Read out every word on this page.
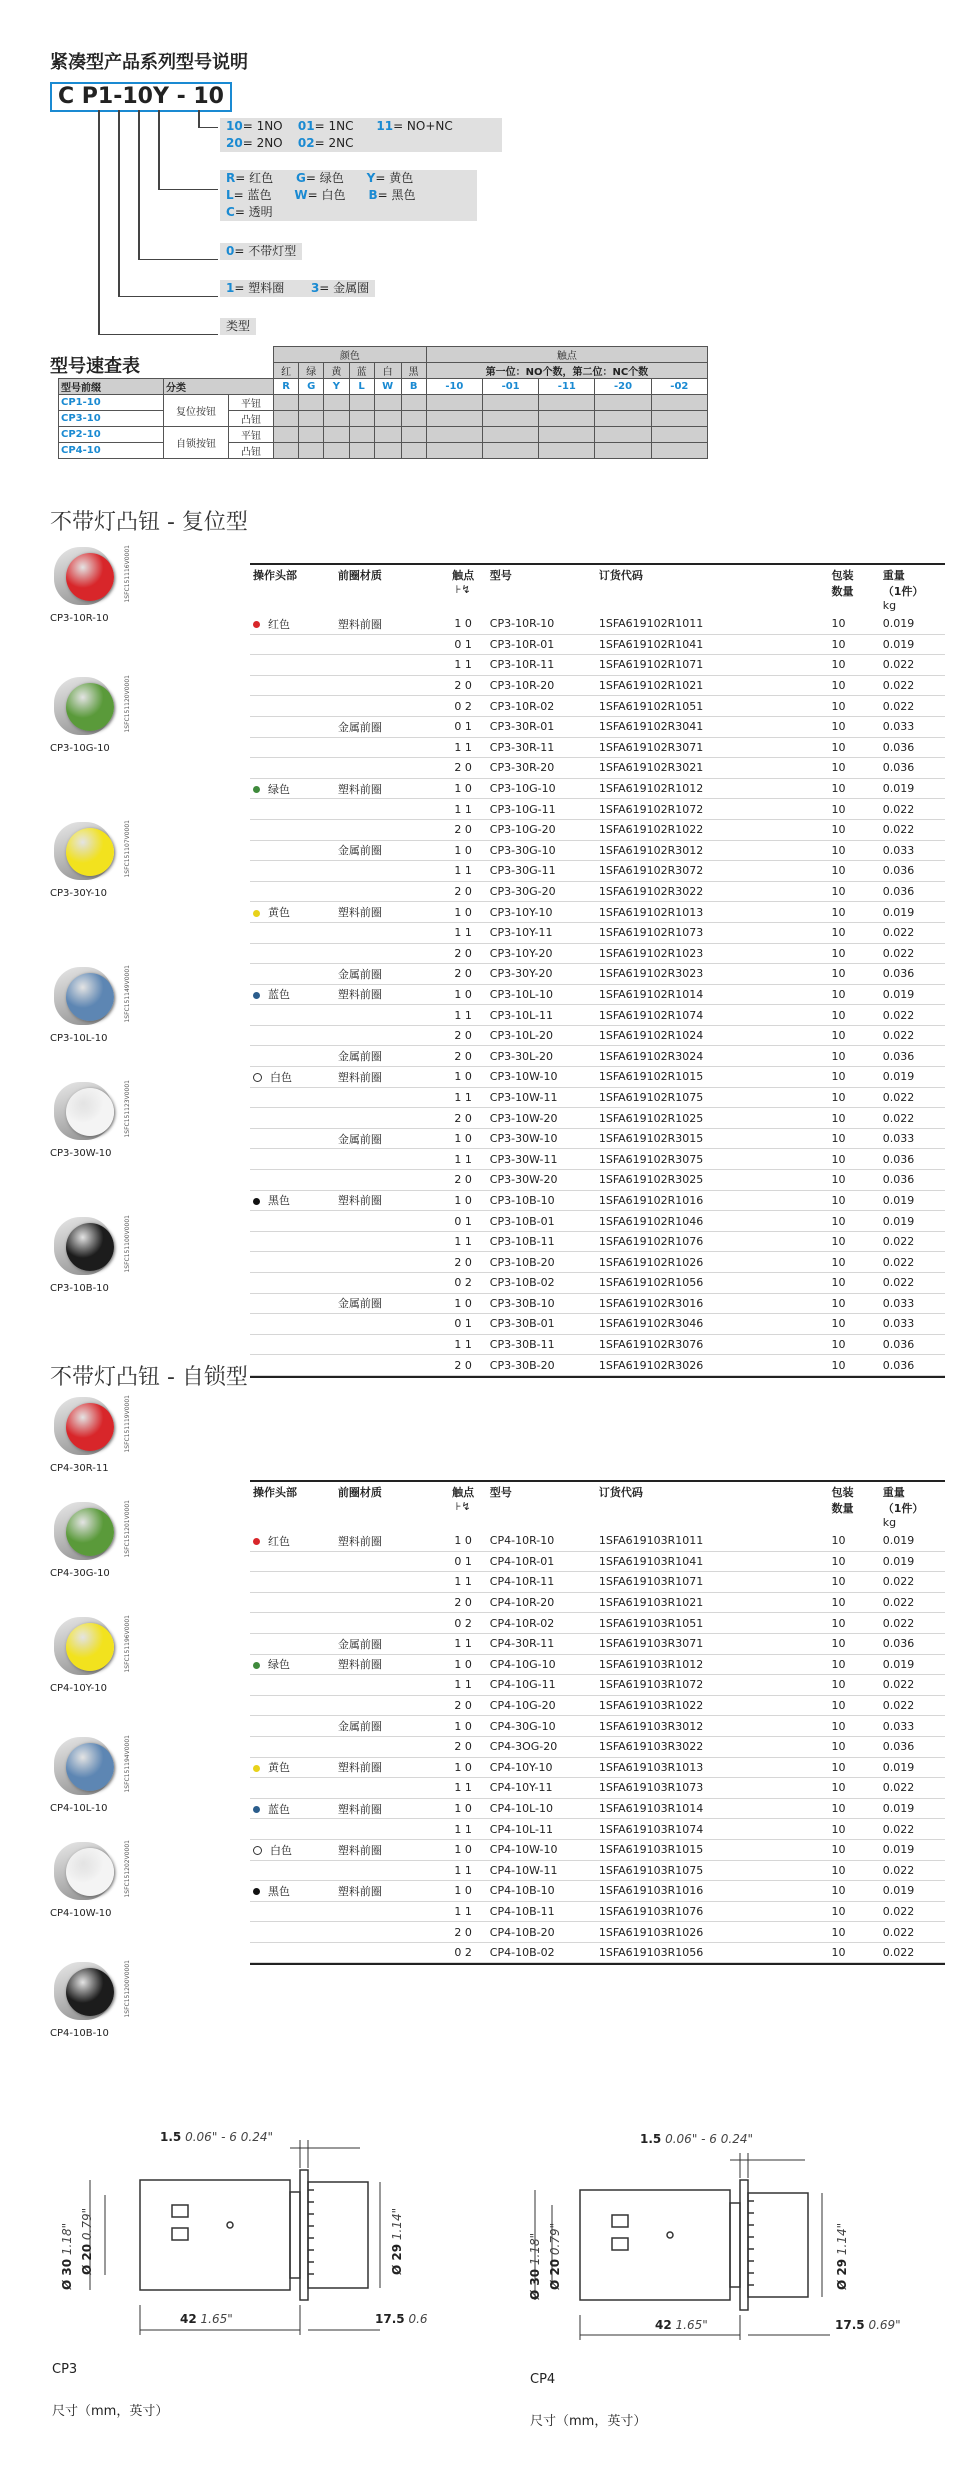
紧凑型产品系列型号说明
C P1-10Y - 10
10= 1NO 01= 1NC 11= NO+NC
20= 2NO 02= 2NC
R= 红色 G= 绿色 Y= 黄色
L= 蓝色 W= 白色 B= 黑色
C= 透明
0= 不带灯型
1= 塑料圈 3= 金属圈
类型
型号速查表
			颜色						触点				
			红	绿	黄	蓝	白	黑	第一位：NO个数，第二位：NC个数				
型号前缀	分类		R	G	Y	L	W	B	-10	-01	-11	-20	-02
CP1-10	复位按钮	平钮											
CP3-10		凸钮											
CP2-10	自锁按钮	平钮											
CP4-10		凸钮											
不带灯凸钮 - 复位型
1SFC151116V0001
CP3-10R-10
1SFC151120V0001
CP3-10G-10
1SFC151107V0001
CP3-30Y-10
1SFC151149V0001
CP3-10L-10
1SFC151123V0001
CP3-30W-10
1SFC151100V0001
CP3-10B-10
操作头部	前圈材质	触点
⊦↯	型号	订货代码	包装
数量	重量
（1件）
kg
红色	塑料前圈	1 0	CP3-10R-10	1SFA619102R1011	10	0.019
		0 1	CP3-10R-01	1SFA619102R1041	10	0.019
		1 1	CP3-10R-11	1SFA619102R1071	10	0.022
		2 0	CP3-10R-20	1SFA619102R1021	10	0.022
		0 2	CP3-10R-02	1SFA619102R1051	10	0.022
	金属前圈	0 1	CP3-30R-01	1SFA619102R3041	10	0.033
		1 1	CP3-30R-11	1SFA619102R3071	10	0.036
		2 0	CP3-30R-20	1SFA619102R3021	10	0.036
绿色	塑料前圈	1 0	CP3-10G-10	1SFA619102R1012	10	0.019
		1 1	CP3-10G-11	1SFA619102R1072	10	0.022
		2 0	CP3-10G-20	1SFA619102R1022	10	0.022
	金属前圈	1 0	CP3-30G-10	1SFA619102R3012	10	0.033
		1 1	CP3-30G-11	1SFA619102R3072	10	0.036
		2 0	CP3-30G-20	1SFA619102R3022	10	0.036
黄色	塑料前圈	1 0	CP3-10Y-10	1SFA619102R1013	10	0.019
		1 1	CP3-10Y-11	1SFA619102R1073	10	0.022
		2 0	CP3-10Y-20	1SFA619102R1023	10	0.022
	金属前圈	2 0	CP3-30Y-20	1SFA619102R3023	10	0.036
蓝色	塑料前圈	1 0	CP3-10L-10	1SFA619102R1014	10	0.019
		1 1	CP3-10L-11	1SFA619102R1074	10	0.022
		2 0	CP3-10L-20	1SFA619102R1024	10	0.022
	金属前圈	2 0	CP3-30L-20	1SFA619102R3024	10	0.036
白色	塑料前圈	1 0	CP3-10W-10	1SFA619102R1015	10	0.019
		1 1	CP3-10W-11	1SFA619102R1075	10	0.022
		2 0	CP3-10W-20	1SFA619102R1025	10	0.022
	金属前圈	1 0	CP3-30W-10	1SFA619102R3015	10	0.033
		1 1	CP3-30W-11	1SFA619102R3075	10	0.036
		2 0	CP3-30W-20	1SFA619102R3025	10	0.036
黑色	塑料前圈	1 0	CP3-10B-10	1SFA619102R1016	10	0.019
		0 1	CP3-10B-01	1SFA619102R1046	10	0.019
		1 1	CP3-10B-11	1SFA619102R1076	10	0.022
		2 0	CP3-10B-20	1SFA619102R1026	10	0.022
		0 2	CP3-10B-02	1SFA619102R1056	10	0.022
	金属前圈	1 0	CP3-30B-10	1SFA619102R3016	10	0.033
		0 1	CP3-30B-01	1SFA619102R3046	10	0.033
		1 1	CP3-30B-11	1SFA619102R3076	10	0.036
		2 0	CP3-30B-20	1SFA619102R3026	10	0.036
不带灯凸钮 - 自锁型
1SFC151119V0001
CP4-30R-11
1SFC151201V0001
CP4-30G-10
1SFC151196V0001
CP4-10Y-10
1SFC151194V0001
CP4-10L-10
1SFC151202V0001
CP4-10W-10
1SFC151200V0001
CP4-10B-10
操作头部	前圈材质	触点
⊦↯	型号	订货代码	包装
数量	重量
（1件）
kg
红色	塑料前圈	1 0	CP4-10R-10	1SFA619103R1011	10	0.019
		0 1	CP4-10R-01	1SFA619103R1041	10	0.019
		1 1	CP4-10R-11	1SFA619103R1071	10	0.022
		2 0	CP4-10R-20	1SFA619103R1021	10	0.022
		0 2	CP4-10R-02	1SFA619103R1051	10	0.022
	金属前圈	1 1	CP4-30R-11	1SFA619103R3071	10	0.036
绿色	塑料前圈	1 0	CP4-10G-10	1SFA619103R1012	10	0.019
		1 1	CP4-10G-11	1SFA619103R1072	10	0.022
		2 0	CP4-10G-20	1SFA619103R1022	10	0.022
	金属前圈	1 0	CP4-30G-10	1SFA619103R3012	10	0.033
		2 0	CP4-3OG-20	1SFA619103R3022	10	0.036
黄色	塑料前圈	1 0	CP4-10Y-10	1SFA619103R1013	10	0.019
		1 1	CP4-10Y-11	1SFA619103R1073	10	0.022
蓝色	塑料前圈	1 0	CP4-10L-10	1SFA619103R1014	10	0.019
		1 1	CP4-10L-11	1SFA619103R1074	10	0.022
白色	塑料前圈	1 0	CP4-10W-10	1SFA619103R1015	10	0.019
		1 1	CP4-10W-11	1SFA619103R1075	10	0.022
黑色	塑料前圈	1 0	CP4-10B-10	1SFA619103R1016	10	0.019
		1 1	CP4-10B-11	1SFA619103R1076	10	0.022
		2 0	CP4-10B-20	1SFA619103R1026	10	0.022
		0 2	CP4-10B-02	1SFA619103R1056	10	0.022
1.5 0.06" - 6 0.24"
Ø 30 1.18"
Ø 20 0.79"
Ø 29 1.14"
42 1.65"	17.5 0.6
CP3
尺寸（mm，英寸）
1.5 0.06" - 6 0.24"
Ø 30 1.18"
Ø 20 0.79"
Ø 29 1.14"
42 1.65"	17.5 0.69"
CP4
尺寸（mm，英寸）
